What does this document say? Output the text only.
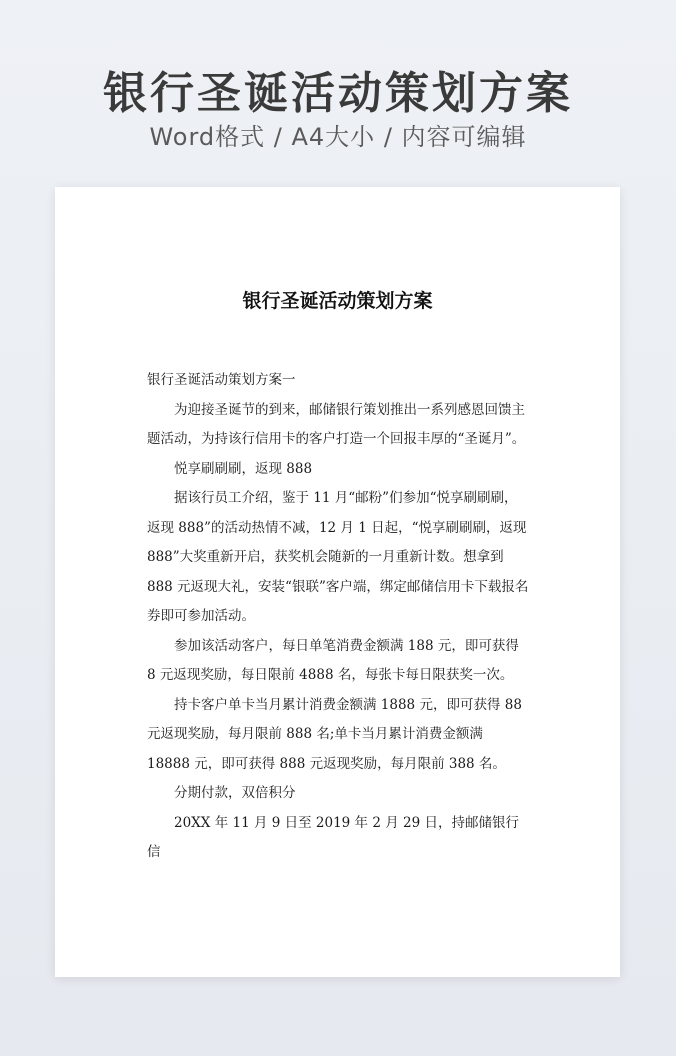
银行圣诞活动策划方案
Word格式 / A4大小 / 内容可编辑
银行圣诞活动策划方案

银行圣诞活动策划方案一

为迎接圣诞节的到来，邮储银行策划推出一系列感恩回馈主题活动，为持该行信用卡的客户打造一个回报丰厚的“圣诞月”。

悦享刷刷刷，返现 888

据该行员工介绍，鉴于 11 月“邮粉”们参加“悦享刷刷刷，返现 888”的活动热情不减，12 月 1 日起，“悦享刷刷刷，返现 888”大奖重新开启，获奖机会随新的一月重新计数。想拿到 888 元返现大礼，安装“银联”客户端，绑定邮储信用卡下载报名券即可参加活动。

参加该活动客户，每日单笔消费金额满 188 元，即可获得 8 元返现奖励，每日限前 4888 名，每张卡每日限获奖一次。

持卡客户单卡当月累计消费金额满 1888 元，即可获得 88 元返现奖励，每月限前 888 名;单卡当月累计消费金额满 18888 元，即可获得 888 元返现奖励，每月限前 388 名。

分期付款，双倍积分

20XX 年 11 月 9 日至 2019 年 2 月 29 日，持邮储银行信
